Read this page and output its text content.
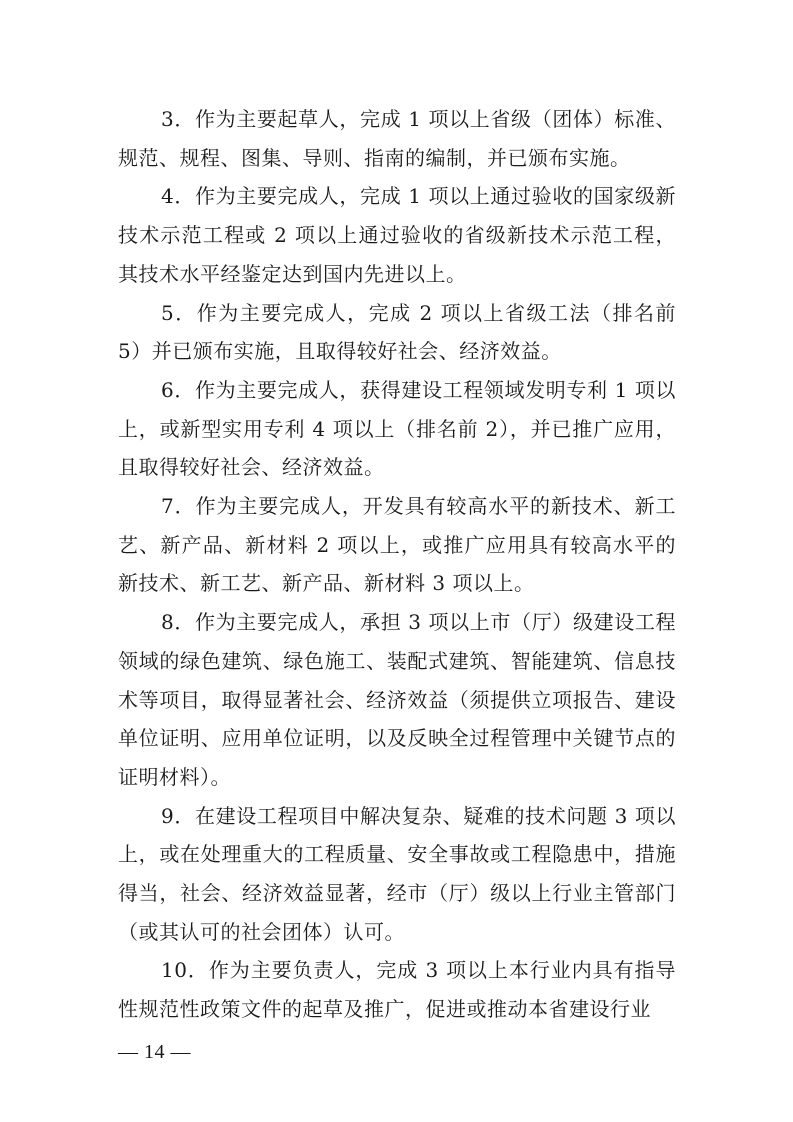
3．作为主要起草人，完成 1 项以上省级（团体）标准、规范、规程、图集、导则、指南的编制，并已颁布实施。

4．作为主要完成人，完成 1 项以上通过验收的国家级新技术示范工程或 2 项以上通过验收的省级新技术示范工程，其技术水平经鉴定达到国内先进以上。

5．作为主要完成人，完成 2 项以上省级工法（排名前 5）并已颁布实施，且取得较好社会、经济效益。

6．作为主要完成人，获得建设工程领域发明专利 1 项以上，或新型实用专利 4 项以上（排名前 2），并已推广应用，且取得较好社会、经济效益。

7．作为主要完成人，开发具有较高水平的新技术、新工艺、新产品、新材料 2 项以上，或推广应用具有较高水平的新技术、新工艺、新产品、新材料 3 项以上。

8．作为主要完成人，承担 3 项以上市（厅）级建设工程领域的绿色建筑、绿色施工、装配式建筑、智能建筑、信息技术等项目，取得显著社会、经济效益（须提供立项报告、建设单位证明、应用单位证明，以及反映全过程管理中关键节点的证明材料）。

9．在建设工程项目中解决复杂、疑难的技术问题 3 项以上，或在处理重大的工程质量、安全事故或工程隐患中，措施得当，社会、经济效益显著，经市（厅）级以上行业主管部门（或其认可的社会团体）认可。

10．作为主要负责人，完成 3 项以上本行业内具有指导性规范性政策文件的起草及推广，促进或推动本省建设行业

— 14 —
